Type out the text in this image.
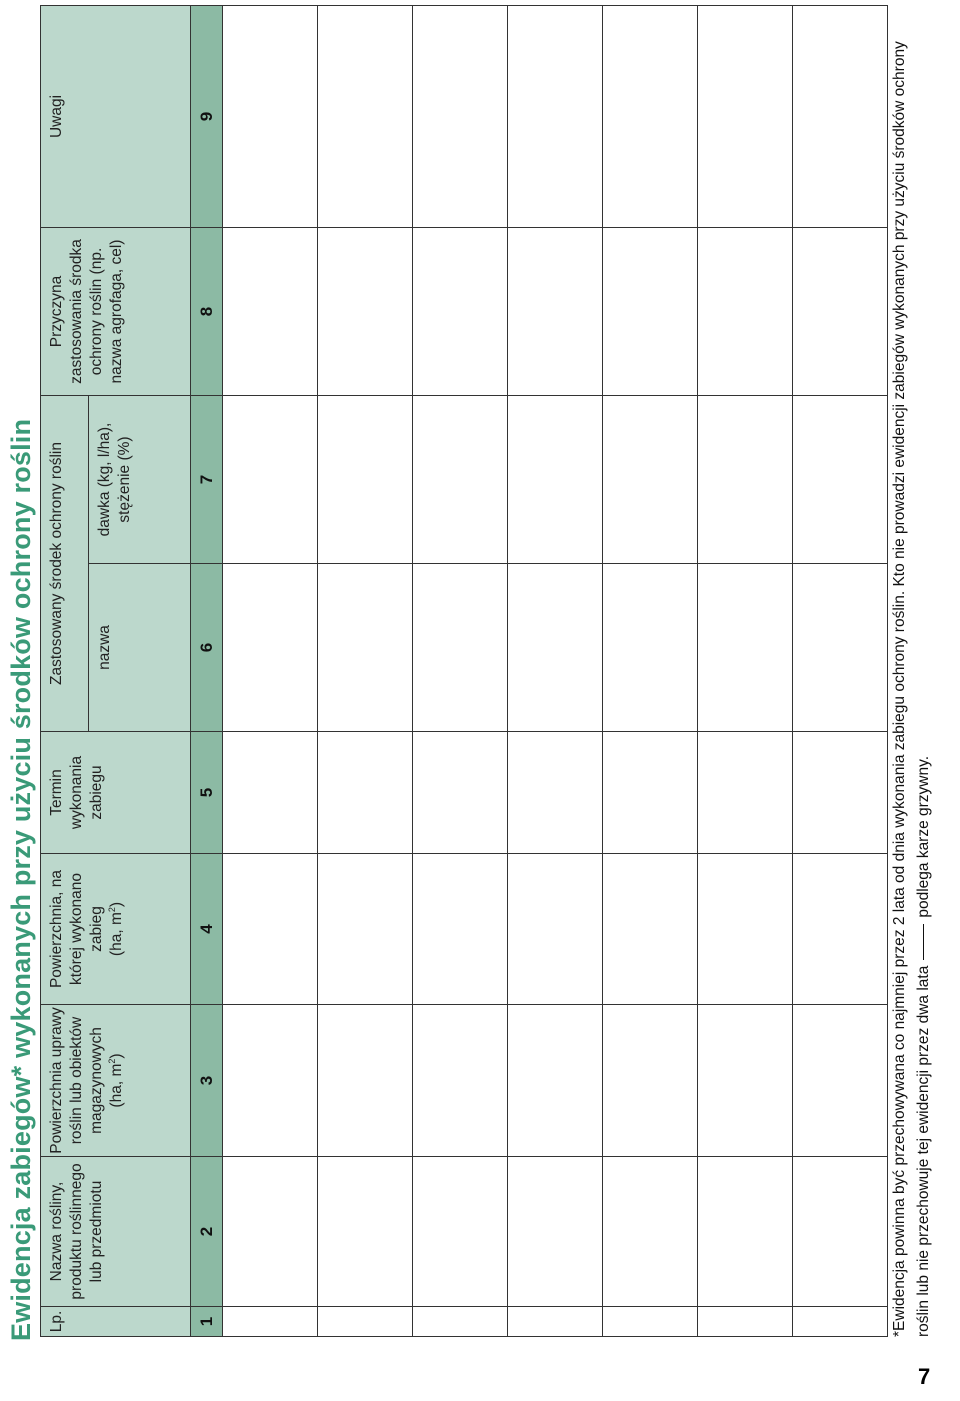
7
Ewidencja zabiegów* wykonanych przy użyciu środków ochrony roślin Lp.	Nazwa rośliny, produktu roślinnego lub przedmiotu	Powierzchnia uprawy roślin lub obiektów magazynowych (ha, $m^2$)	Powierzchnia, na której wykonano zabieg (ha, $m^2$)	Termin wykonania zabiegu	Zastosowany środek ochrony roślin		Przyczyna zastosowania środka ochrony roślin (np. nazwa agrofaga, cel)	Uwagi
					nazwa	dawka (kg, l/ha), stężenie (%)		
1	2	3	4	5	6	7	8	9

									*Ewidencja powinna być przechowywana co najmniej przez 2 lata od dnia wykonania zabiegu ochrony roślin. Kto nie prowadzi ewidencji zabiegów wykonanych przy użyciu środków ochrony roślin lub nie przechowuje tej ewidencji przez dwa latapodlega karze grzywny.
